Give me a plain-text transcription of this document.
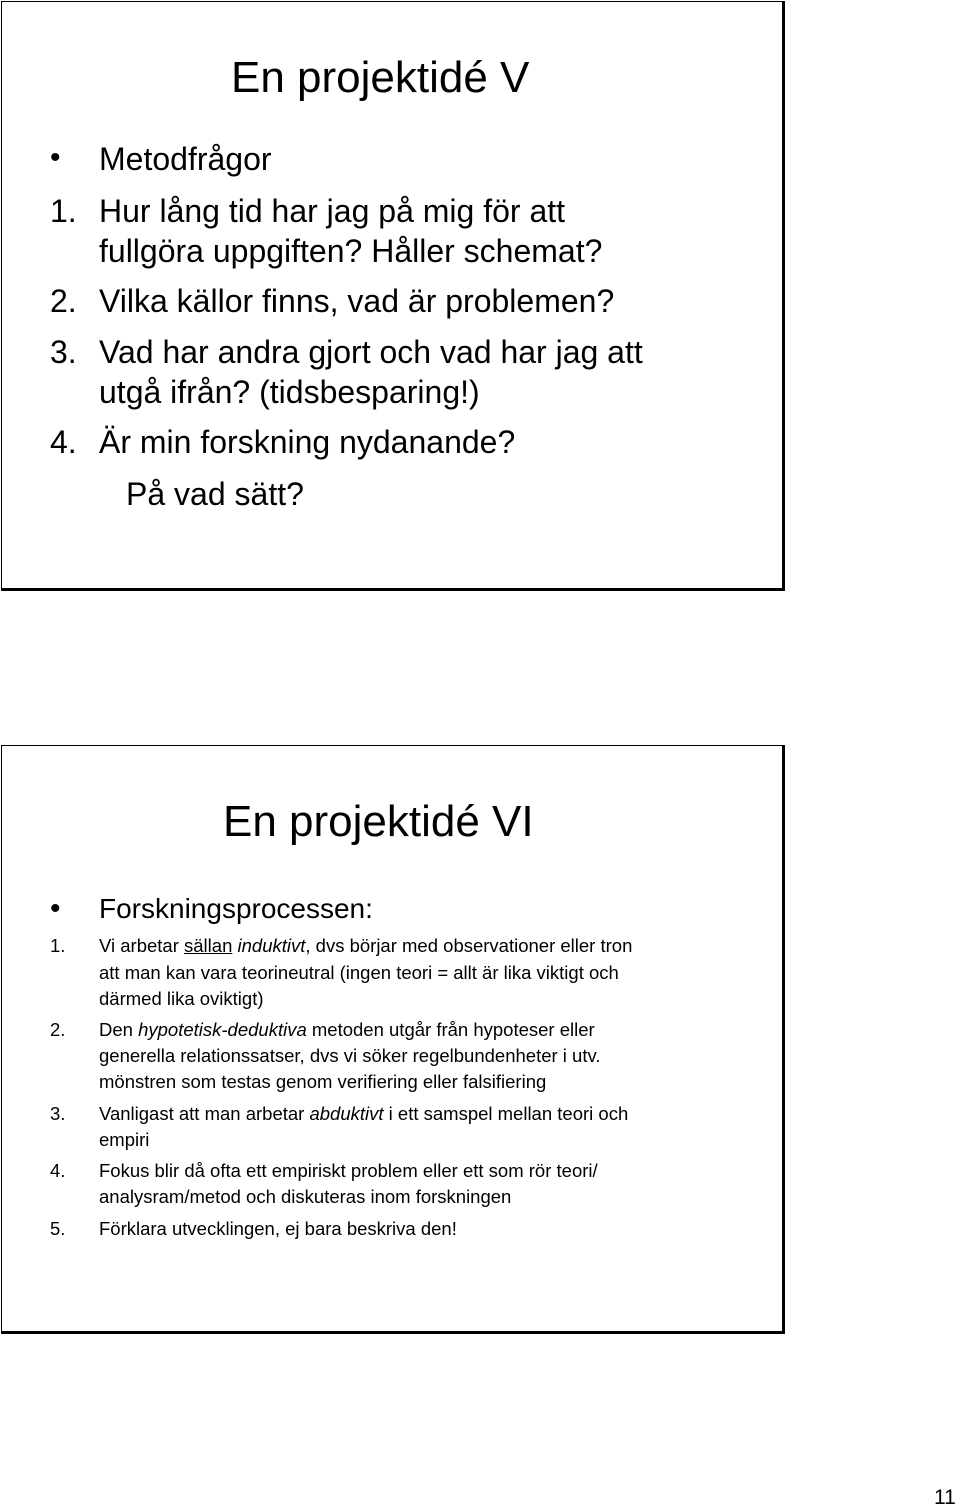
En projektidé V
• Metodfrågor
1. Hur lång tid har jag på mig för att
fullgöra uppgiften? Håller schemat?
2. Vilka källor finns, vad är problemen?
3. Vad har andra gjort och vad har jag att
utgå ifrån? (tidsbesparing!)
4. Är min forskning nydanande?
På vad sätt?
En projektidé VI
• Forskningsprocessen:
1. Vi arbetar sällan induktivt, dvs börjar med observationer eller tron
att man kan vara teorineutral (ingen teori = allt är lika viktigt och
därmed lika oviktigt)
2. Den hypotetisk-deduktiva metoden utgår från hypoteser eller
generella relationssatser, dvs vi söker regelbundenheter i utv.
mönstren som testas genom verifiering eller falsifiering
3. Vanligast att man arbetar abduktivt i ett samspel mellan teori och
empiri
4. Fokus blir då ofta ett empiriskt problem eller ett som rör teori/
analysram/metod och diskuteras inom forskningen
5. Förklara utvecklingen, ej bara beskriva den!
11
